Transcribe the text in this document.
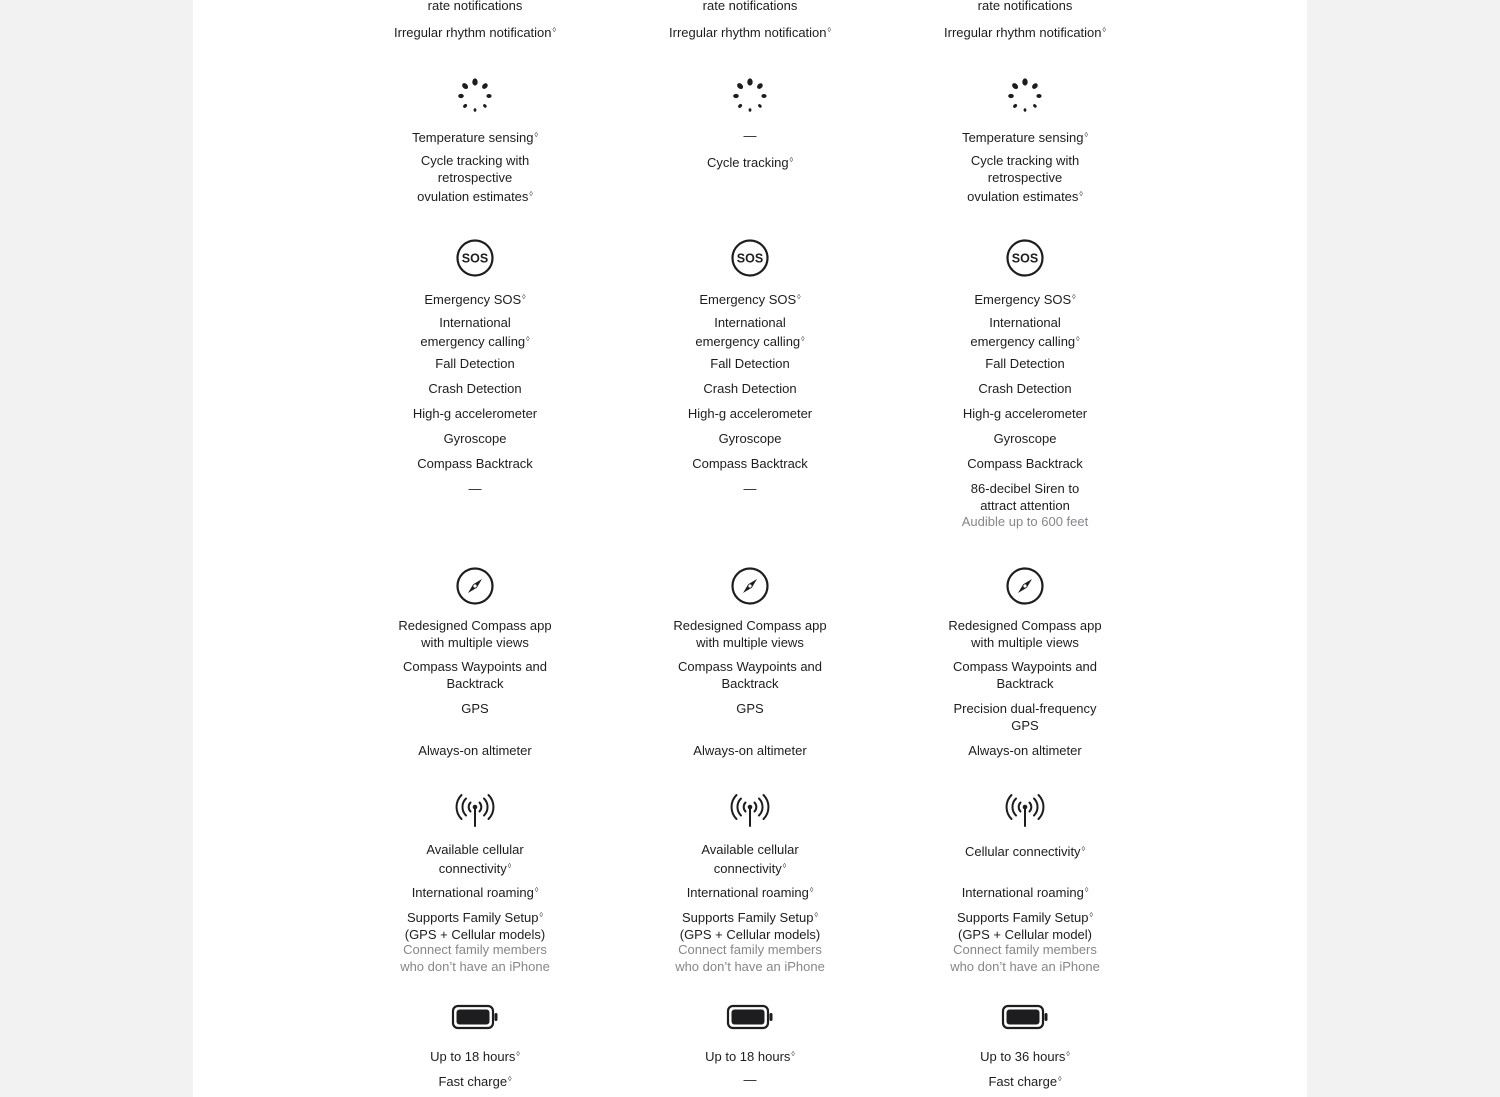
SOS
rate notifications
Irregular rhythm notification◊
Temperature sensing◊
Cycle tracking with
retrospective
ovulation estimates◊
Emergency SOS◊
International
emergency calling◊
Fall Detection
Crash Detection
High-g accelerometer
Gyroscope
Compass Backtrack
—
Redesigned Compass app
with multiple views
Compass Waypoints and
Backtrack
GPS
Always-on altimeter
Available cellular
connectivity◊
International roaming◊
Supports Family Setup◊
(GPS + Cellular models)
Up to 18 hours◊
Fast charge◊
Connect family members
who don’t have an iPhone
SOS
rate notifications
Irregular rhythm notification◊
—
Cycle tracking◊
Emergency SOS◊
International
emergency calling◊
Fall Detection
Crash Detection
High-g accelerometer
Gyroscope
Compass Backtrack
—
Redesigned Compass app
with multiple views
Compass Waypoints and
Backtrack
GPS
Always-on altimeter
Available cellular
connectivity◊
International roaming◊
Supports Family Setup◊
(GPS + Cellular models)
Up to 18 hours◊
—
Connect family members
who don’t have an iPhone
SOS
rate notifications
Irregular rhythm notification◊
Temperature sensing◊
Cycle tracking with
retrospective
ovulation estimates◊
Emergency SOS◊
International
emergency calling◊
Fall Detection
Crash Detection
High-g accelerometer
Gyroscope
Compass Backtrack
86-decibel Siren to
attract attention
Redesigned Compass app
with multiple views
Compass Waypoints and
Backtrack
Precision dual-frequency
GPS
Always-on altimeter
Cellular connectivity◊
International roaming◊
Supports Family Setup◊
(GPS + Cellular model)
Up to 36 hours◊
Fast charge◊
Audible up to 600 feet
Connect family members
who don’t have an iPhone
